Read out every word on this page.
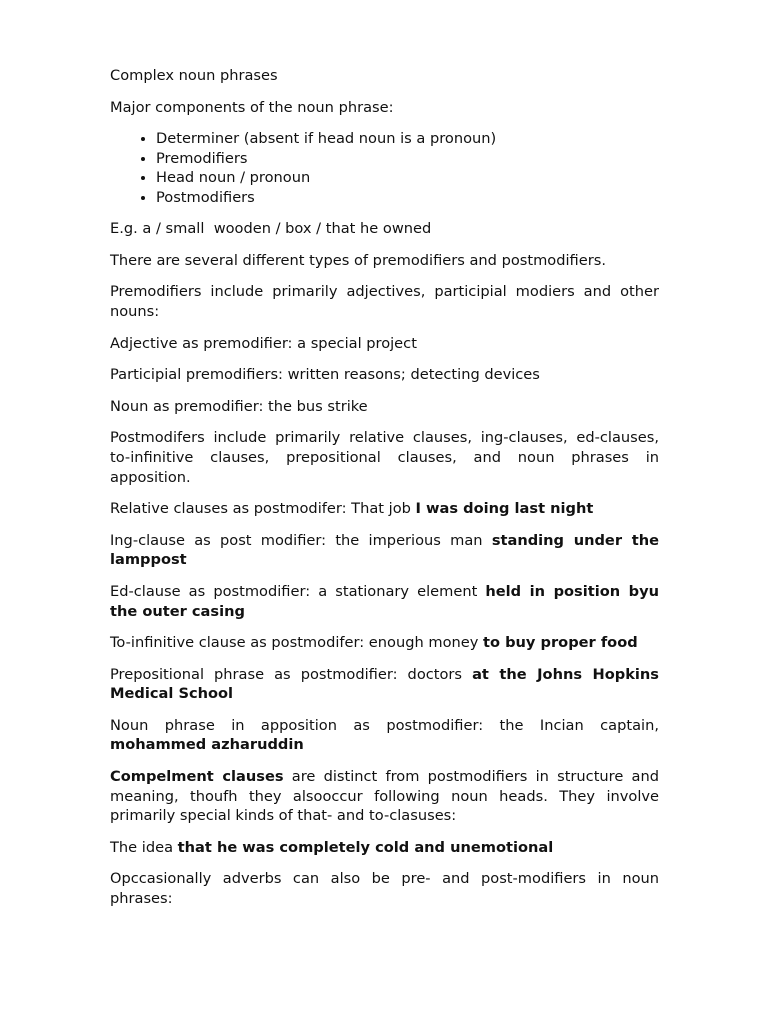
Complex noun phrases

Major components of the noun phrase:

• Determiner (absent if head noun is a pronoun)
• Premodifiers
• Head noun / pronoun
• Postmodifiers

E.g. a / small  wooden / box / that he owned

There are several different types of premodifiers and postmodifiers.

Premodifiers include primarily adjectives, participial modiers and other nouns:

Adjective as premodifier: a special project

Participial premodifiers: written reasons; detecting devices

Noun as premodifier: the bus strike

Postmodifers include primarily relative clauses, ing-clauses, ed-clauses, to-infinitive clauses, prepositional clauses, and noun phrases in apposition.

Relative clauses as postmodifer: That job I was doing last night

Ing-clause as post modifier: the imperious man standing under the lamppost

Ed-clause as postmodifier: a stationary element held in position byu the outer casing

To-infinitive clause as postmodifer: enough money to buy proper food

Prepositional phrase as postmodifier: doctors at the Johns Hopkins Medical School

Noun phrase in apposition as postmodifier: the Incian captain, mohammed azharuddin

Compelment clauses are distinct from postmodifiers in structure and meaning, thoufh they alsooccur following noun heads. They involve primarily special kinds of that- and to-clasuses:

The idea that he was completely cold and unemotional

Opccasionally adverbs can also be pre- and post-modifiers in noun phrases:
